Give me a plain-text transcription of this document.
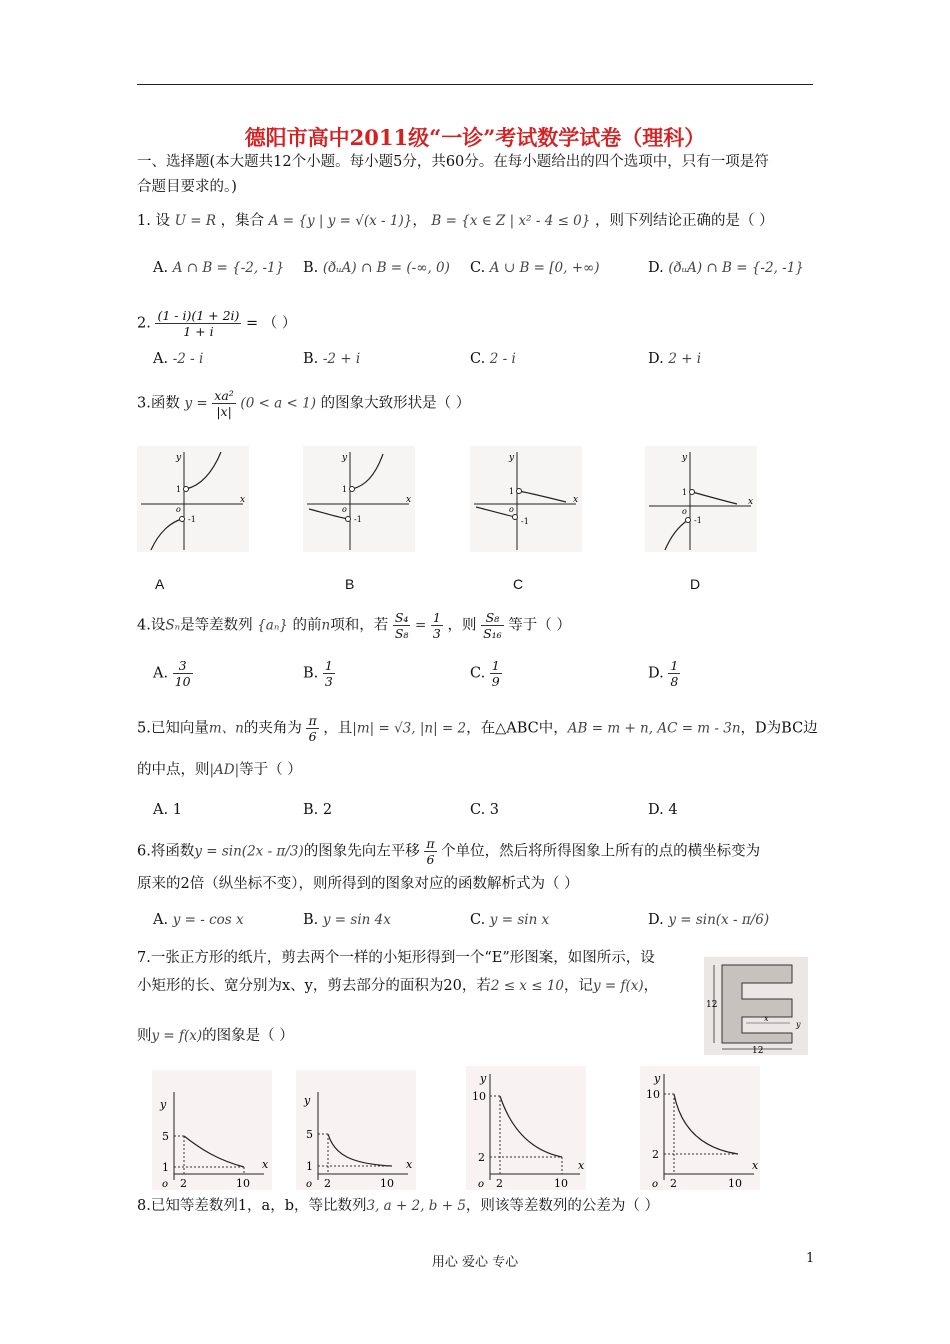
德阳市高中2011级“一诊”考试数学试卷（理科）
一、选择题(本大题共12个小题。每小题5分，共60分。在每小题给出的四个选项中，只有一项是符
合题目要求的。)
1. 设 U = R ，集合 A = {y | y = √(x - 1)}， B = {x ∈ Z | x² - 4 ≤ 0} ，则下列结论正确的是（ ）
A. A ∩ B = {-2, -1} B. (ðᵤA) ∩ B = (-∞, 0) C. A ∪ B = [0, +∞)	D. (ðᵤA) ∩ B = {-2, -1}
2. $\frac{(1 - i)(1 + 2i)}{1 + i}$ = （ ）
A. -2 - i	B. -2 + i	C. 2 - i	D. 2 + i
3.函数 $y = \frac{\text{xa²}}{|x|} (0 < a < 1)$ 的图象大致形状是（ ）
y
x
o
1
-1
y
x
o
1
-1
y
x
o
1
-1
y
x
o
1
-1
A	B	C	D
4.设Sₙ是等差数列 {aₙ} 的前n项和，若 $\frac{\text{S₄}}{\text{S₈}} = \frac{1}{3}$ ，则 $\frac{\text{S₈}}{\text{S₁₆}}$ 等于（ ）
A. $\frac{3}{10}$	B. $\frac{1}{3}$	C. $\frac{1}{9}$	D. $\frac{1}{8}$
5.已知向量m、n的夹角为 $\frac{\pi}{6}$ ，且|m| = √3, |n| = 2，在△ABC中，AB = m + n, AC = m - 3n，D为BC边
的中点，则|AD|等于（ ）
A. 1	B. 2	C. 3	D. 4
6.将函数y = sin(2x - π/3)的图象先向左平移 $\frac{\pi}{6}$ 个单位，然后将所得图象上所有的点的横坐标变为
原来的2倍（纵坐标不变），则所得到的图象对应的函数解析式为（ ）
A. y = - cos x	B. y = sin 4x	C. y = sin x	D. y = sin(x - π/6)
7.一张正方形的纸片，剪去两个一样的小矩形得到一个“E”形图案，如图所示，设
小矩形的长、宽分别为x、y，剪去部分的面积为20，若2 ≤ x ≤ 10，记y = f(x)，
则y = f(x)的图象是（ ）
12
12
x
y
y
x
5
1
o 2	10
y
x
5
1
o 2	10
y
x
10
2
o 2	10
y
x
10
2
o 2	10
8.已知等差数列1，a，b，等比数列3, a + 2, b + 5，则该等差数列的公差为（ ）
用心 爱心 专心	1
